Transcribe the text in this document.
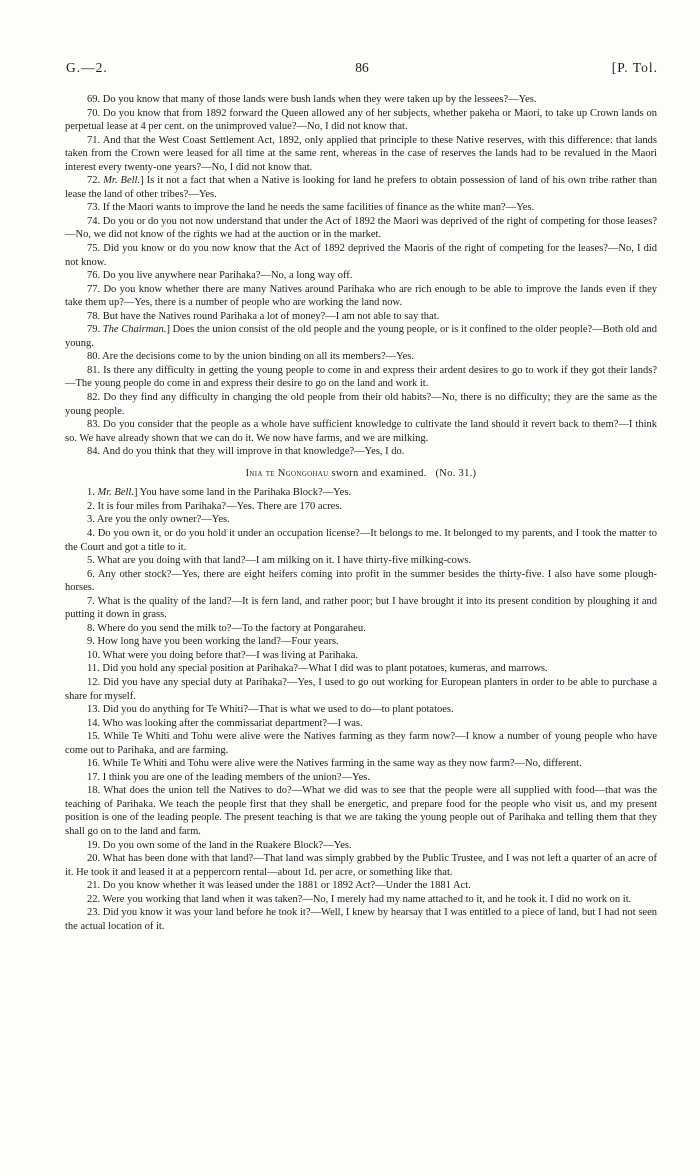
G.—2.	86	[P. Tol.

69. Do you know that many of those lands were bush lands when they were taken up by the lessees?—Yes.

70. Do you know that from 1892 forward the Queen allowed any of her subjects, whether pakeha or Maori, to take up Crown lands on perpetual lease at 4 per cent. on the unimproved value?—No, I did not know that.

71. And that the West Coast Settlement Act, 1892, only applied that principle to these Native reserves, with this difference: that lands taken from the Crown were leased for all time at the same rent, whereas in the case of reserves the lands had to be revalued in the Maori interest every twenty-one years?—No, I did not know that.

72. Mr. Bell.] Is it not a fact that when a Native is looking for land he prefers to obtain possession of land of his own tribe rather than lease the land of other tribes?—Yes.

73. If the Maori wants to improve the land he needs the same facilities of finance as the white man?—Yes.

74. Do you or do you not now understand that under the Act of 1892 the Maori was deprived of the right of competing for those leases?—No, we did not know of the rights we had at the auction or in the market.

75. Did you know or do you now know that the Act of 1892 deprived the Maoris of the right of competing for the leases?—No, I did not know.

76. Do you live anywhere near Parihaka?—No, a long way off.

77. Do you know whether there are many Natives around Parihaka who are rich enough to be able to improve the lands even if they take them up?—Yes, there is a number of people who are working the land now.

78. But have the Natives round Parihaka a lot of money?—I am not able to say that.

79. The Chairman.] Does the union consist of the old people and the young people, or is it confined to the older people?—Both old and young.

80. Are the decisions come to by the union binding on all its members?—Yes.

81. Is there any difficulty in getting the young people to come in and express their ardent desires to go to work if they got their lands?—The young people do come in and express their desire to go on the land and work it.

82. Do they find any difficulty in changing the old people from their old habits?—No, there is no difficulty; they are the same as the young people.

83. Do you consider that the people as a whole have sufficient knowledge to cultivate the land should it revert back to them?—I think so. We have already shown that we can do it. We now have farms, and we are milking.

84. And do you think that they will improve in that knowledge?—Yes, I do.

Inia te Ngongohau sworn and examined. (No. 31.)

1. Mr. Bell.] You have some land in the Parihaka Block?—Yes.

2. It is four miles from Parihaka?—Yes. There are 170 acres.

3. Are you the only owner?—Yes.

4. Do you own it, or do you hold it under an occupation license?—It belongs to me. It belonged to my parents, and I took the matter to the Court and got a title to it.

5. What are you doing with that land?—I am milking on it. I have thirty-five milking-cows.

6. Any other stock?—Yes, there are eight heifers coming into profit in the summer besides the thirty-five. I also have some plough-horses.

7. What is the quality of the land?—It is fern land, and rather poor; but I have brought it into its present condition by ploughing it and putting it down in grass.

8. Where do you send the milk to?—To the factory at Pongaraheu.

9. How long have you been working the land?—Four years.

10. What were you doing before that?—I was living at Parihaka.

11. Did you hold any special position at Parihaka?—What I did was to plant potatoes, kumeras, and marrows.

12. Did you have any special duty at Parihaka?—Yes, I used to go out working for European planters in order to be able to purchase a share for myself.

13. Did you do anything for Te Whiti?—That is what we used to do—to plant potatoes.

14. Who was looking after the commissariat department?—I was.

15. While Te Whiti and Tohu were alive were the Natives farming as they farm now?—I know a number of young people who have come out to Parihaka, and are farming.

16. While Te Whiti and Tohu were alive were the Natives farming in the same way as they now farm?—No, different.

17. I think you are one of the leading members of the union?—Yes.

18. What does the union tell the Natives to do?—What we did was to see that the people were all supplied with food—that was the teaching of Parihaka. We teach the people first that they shall be energetic, and prepare food for the people who visit us, and my present position is one of the leading people. The present teaching is that we are taking the young people out of Parihaka and telling them that they shall go on to the land and farm.

19. Do you own some of the land in the Ruakere Block?—Yes.

20. What has been done with that land?—That land was simply grabbed by the Public Trustee, and I was not left a quarter of an acre of it. He took it and leased it at a peppercorn rental—about 1d. per acre, or something like that.

21. Do you know whether it was leased under the 1881 or 1892 Act?—Under the 1881 Act.

22. Were you working that land when it was taken?—No, I merely had my name attached to it, and he took it. I did no work on it.

23. Did you know it was your land before he took it?—Well, I knew by hearsay that I was entitled to a piece of land, but I had not seen the actual location of it.
